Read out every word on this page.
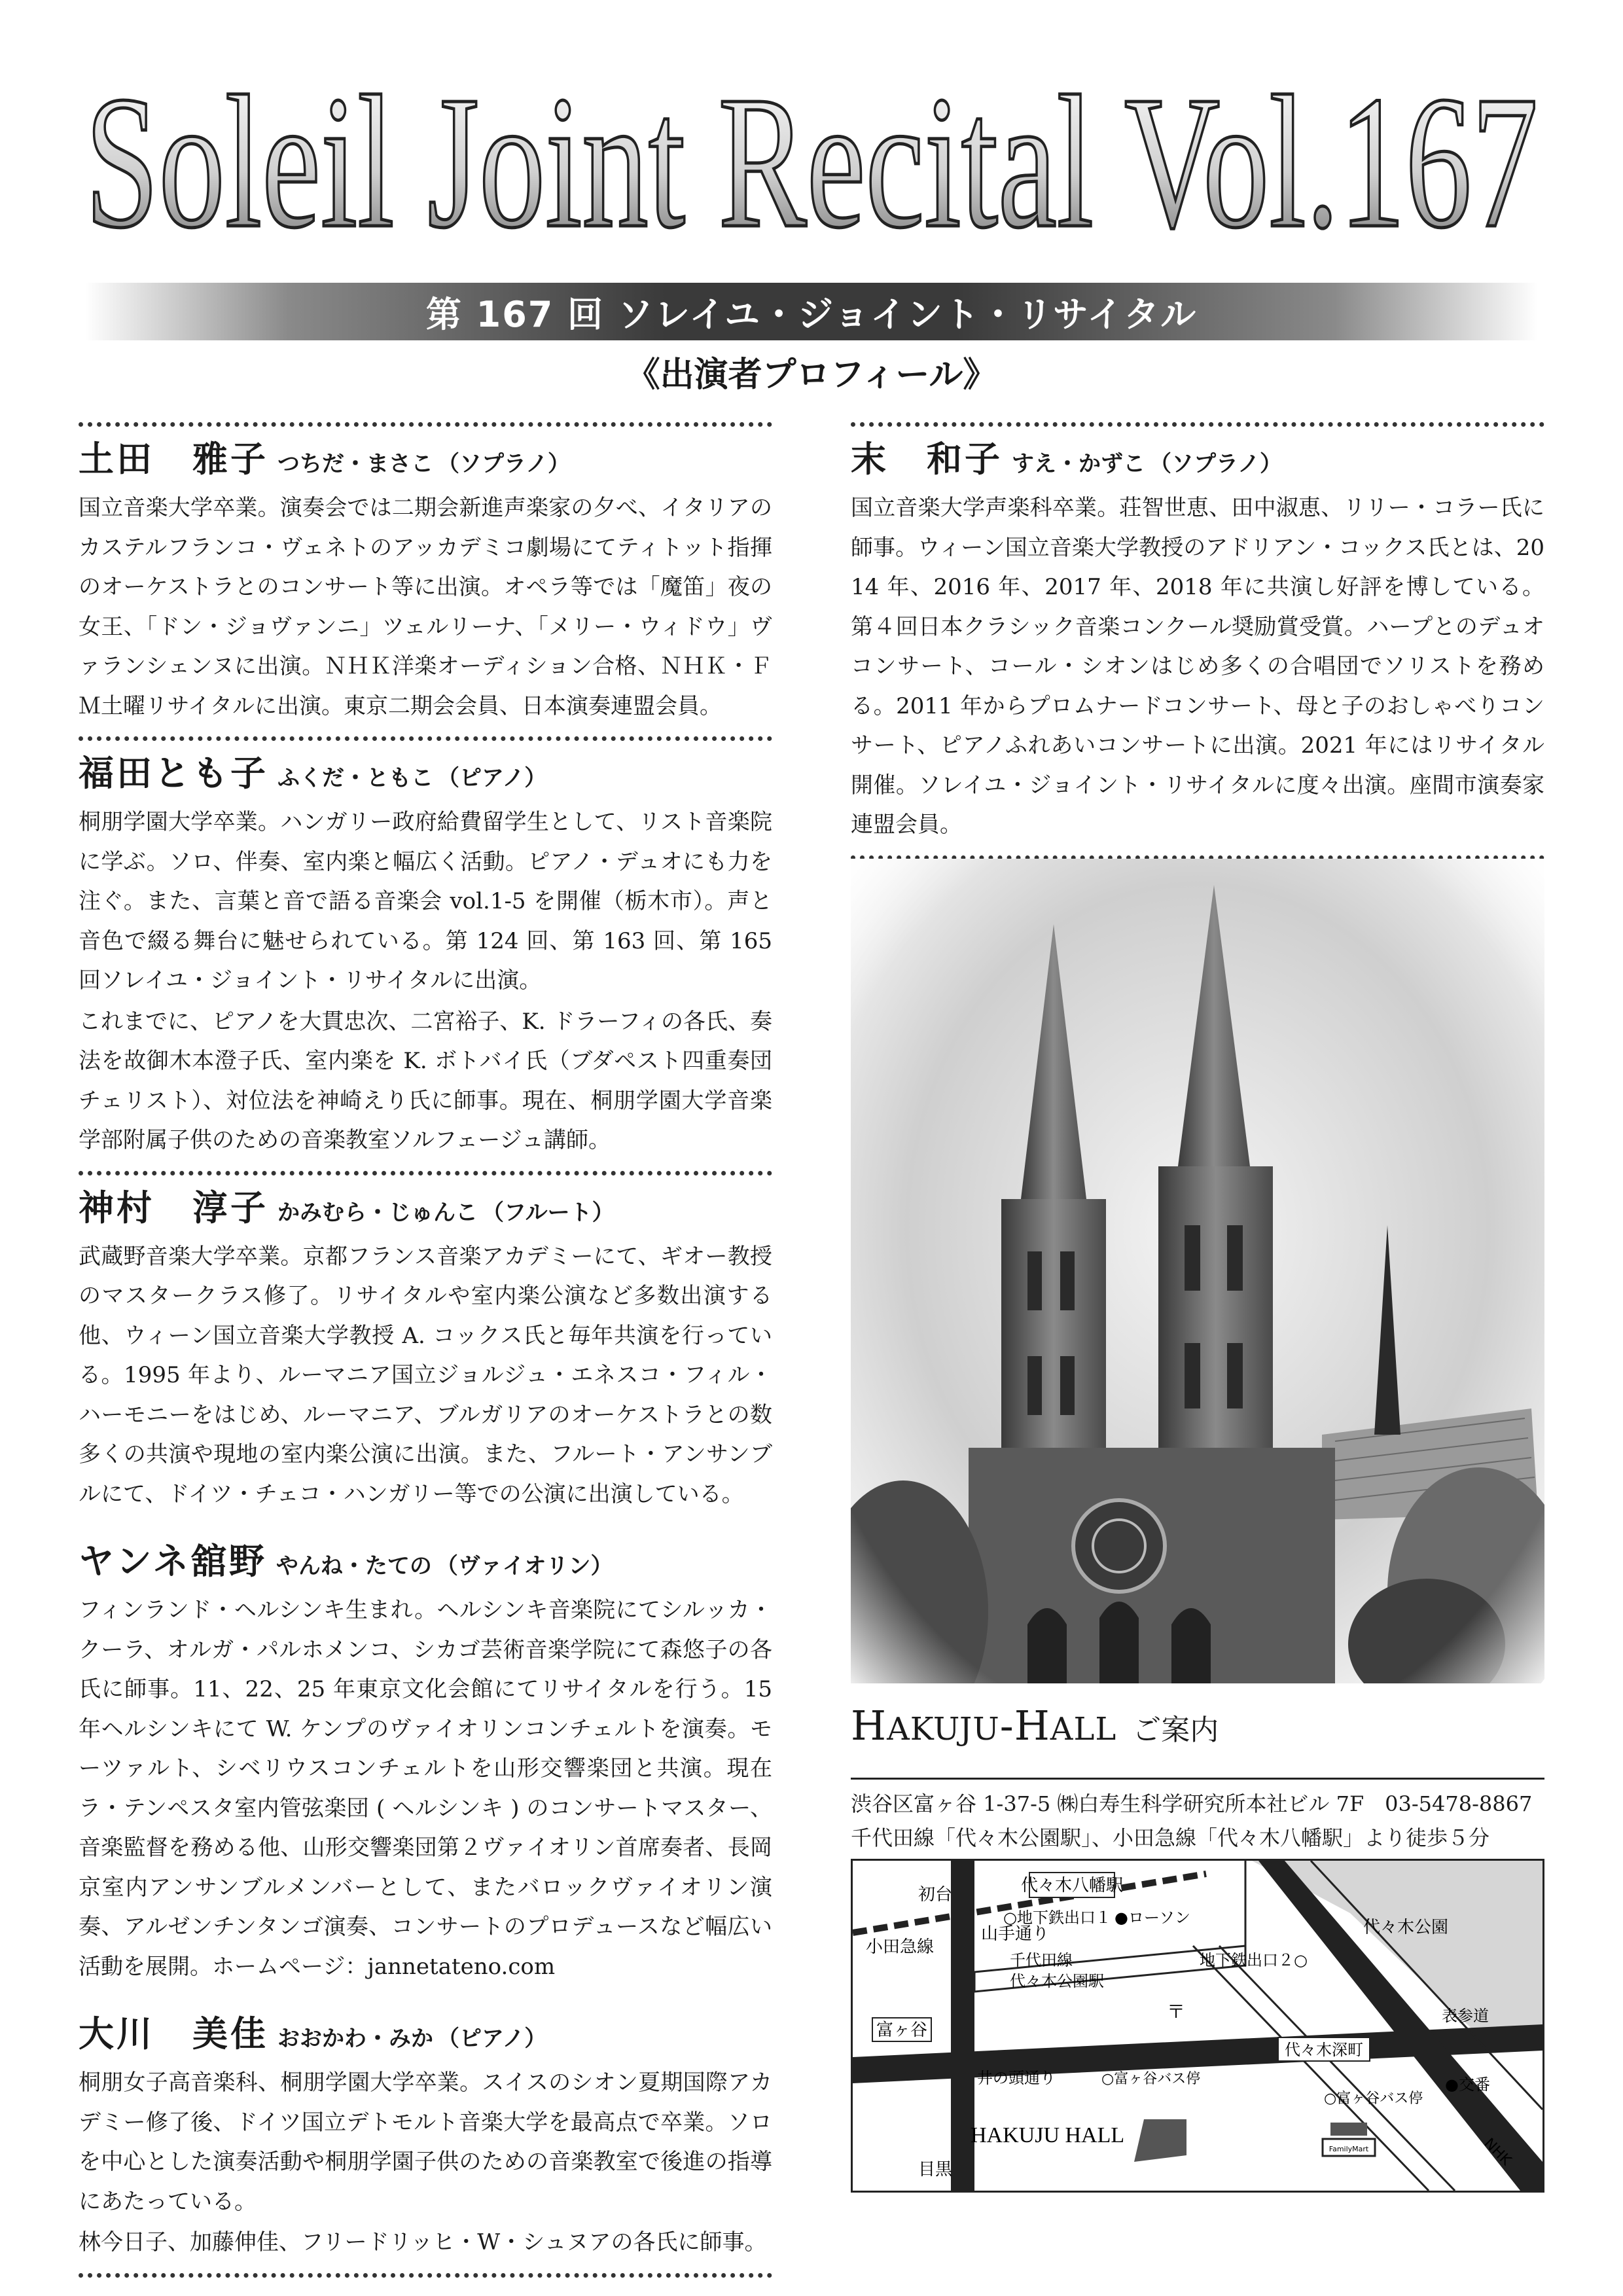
Soleil Joint Recital Vol.167
第 167 回 ソレイユ・ジョイント・リサイタル
《出演者プロフィール》
土田　雅子 つちだ・まさこ （ソプラノ）
国立音楽大学卒業。演奏会では二期会新進声楽家の夕べ、イタリアのカステルフランコ・ヴェネトのアッカデミコ劇場にてティトット指揮のオーケストラとのコンサート等に出演。オペラ等では「魔笛」夜の女王、「ドン・ジョヴァンニ」ツェルリーナ、「メリー・ウィドウ」ヴァランシェンヌに出演。ＮＨＫ洋楽オーディション合格、ＮＨＫ・ＦＭ土曜リサイタルに出演。東京二期会会員、日本演奏連盟会員。
福田とも子 ふくだ・ともこ （ピアノ）
桐朋学園大学卒業。ハンガリー政府給費留学生として、リスト音楽院に学ぶ。ソロ、伴奏、室内楽と幅広く活動。ピアノ・デュオにも力を注ぐ。また、言葉と音で語る音楽会 vol.1-5 を開催（栃木市）。声と音色で綴る舞台に魅せられている。第 124 回、第 163 回、第 165 回ソレイユ・ジョイント・リサイタルに出演。
これまでに、ピアノを大貫忠次、二宮裕子、K. ドラーフィの各氏、奏法を故御木本澄子氏、室内楽を K. ボトバイ氏（ブダペスト四重奏団チェリスト）、対位法を神崎えり氏に師事。現在、桐朋学園大学音楽学部附属子供のための音楽教室ソルフェージュ講師。
神村　淳子 かみむら・じゅんこ （フルート）
武蔵野音楽大学卒業。京都フランス音楽アカデミーにて、ギオー教授のマスタークラス修了。リサイタルや室内楽公演など多数出演する他、ウィーン国立音楽大学教授 A. コックス氏と毎年共演を行っている。1995 年より、ルーマニア国立ジョルジュ・エネスコ・フィル・ハーモニーをはじめ、ルーマニア、ブルガリアのオーケストラとの数多くの共演や現地の室内楽公演に出演。また、フルート・アンサンブルにて、ドイツ・チェコ・ハンガリー等での公演に出演している。
ヤンネ舘野 やんね・たての （ヴァイオリン）
フィンランド・ヘルシンキ生まれ。ヘルシンキ音楽院にてシルッカ・クーラ、オルガ・パルホメンコ、シカゴ芸術音楽学院にて森悠子の各氏に師事。11、22、25 年東京文化会館にてリサイタルを行う。15 年ヘルシンキにて W. ケンプのヴァイオリンコンチェルトを演奏。モーツァルト、シベリウスコンチェルトを山形交響楽団と共演。現在ラ・テンペスタ室内管弦楽団 ( ヘルシンキ ) のコンサートマスター、音楽監督を務める他、山形交響楽団第２ヴァイオリン首席奏者、長岡京室内アンサンブルメンバーとして、またバロックヴァイオリン演奏、アルゼンチンタンゴ演奏、コンサートのプロデュースなど幅広い活動を展開。ホームページ：jannetateno.com
大川　美佳 おおかわ・みか （ピアノ）
桐朋女子高音楽科、桐朋学園大学卒業。スイスのシオン夏期国際アカデミー修了後、ドイツ国立デトモルト音楽大学を最高点で卒業。ソロを中心とした演奏活動や桐朋学園子供のための音楽教室で後進の指導にあたっている。
林今日子、加藤伸佳、フリードリッヒ・W・シュヌアの各氏に師事。
末　和子 すえ・かずこ （ソプラノ）
国立音楽大学声楽科卒業。荘智世恵、田中淑恵、リリー・コラー氏に師事。ウィーン国立音楽大学教授のアドリアン・コックス氏とは、2014 年、2016 年、2017 年、2018 年に共演し好評を博している。第４回日本クラシック音楽コンクール奨励賞受賞。ハープとのデュオコンサート、コール・シオンはじめ多くの合唱団でソリストを務める。2011 年からプロムナードコンサート、母と子のおしゃべりコンサート、ピアノふれあいコンサートに出演。2021 年にはリサイタル開催。ソレイユ・ジョイント・リサイタルに度々出演。座間市演奏家連盟会員。
HAKUJU-HALL ご案内
渋谷区富ヶ谷 1-37-5 ㈱白寿生科学研究所本社ビル 7F　03-5478-8867
千代田線「代々木公園駅」、小田急線「代々木八幡駅」より徒歩５分
代々木八幡駅
小田急線
初台
山手通り
富ヶ谷
目黒
○地下鉄出口１ ●ローソン
千代田線
代々木公園駅
地下鉄出口２○
代々木公園
〒
井の頭通り	○富ヶ谷バス停
代々木深町
○富ヶ谷バス停
表参道
●交番
NHK
HAKUJU HALL
FamilyMart
